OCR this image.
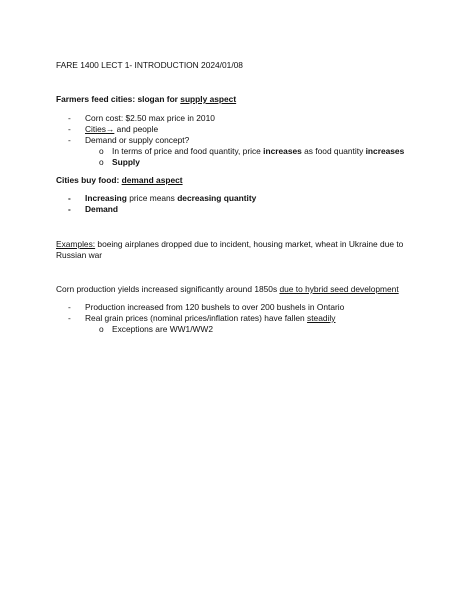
FARE 1400 LECT 1- INTRODUCTION 2024/01/08
Farmers feed cities: slogan for supply aspect
- Corn cost: $2.50 max price in 2010
- Cities→ and people
- Demand or supply concept?
o In terms of price and food quantity, price increases as food quantity increases
o Supply
Cities buy food: demand aspect
- Increasing price means decreasing quantity
- Demand
Examples: boeing airplanes dropped due to incident, housing market, wheat in Ukraine due to Russian war
Corn production yields increased significantly around 1850s due to hybrid seed development
- Production increased from 120 bushels to over 200 bushels in Ontario
- Real grain prices (nominal prices/inflation rates) have fallen steadily
o Exceptions are WW1/WW2
